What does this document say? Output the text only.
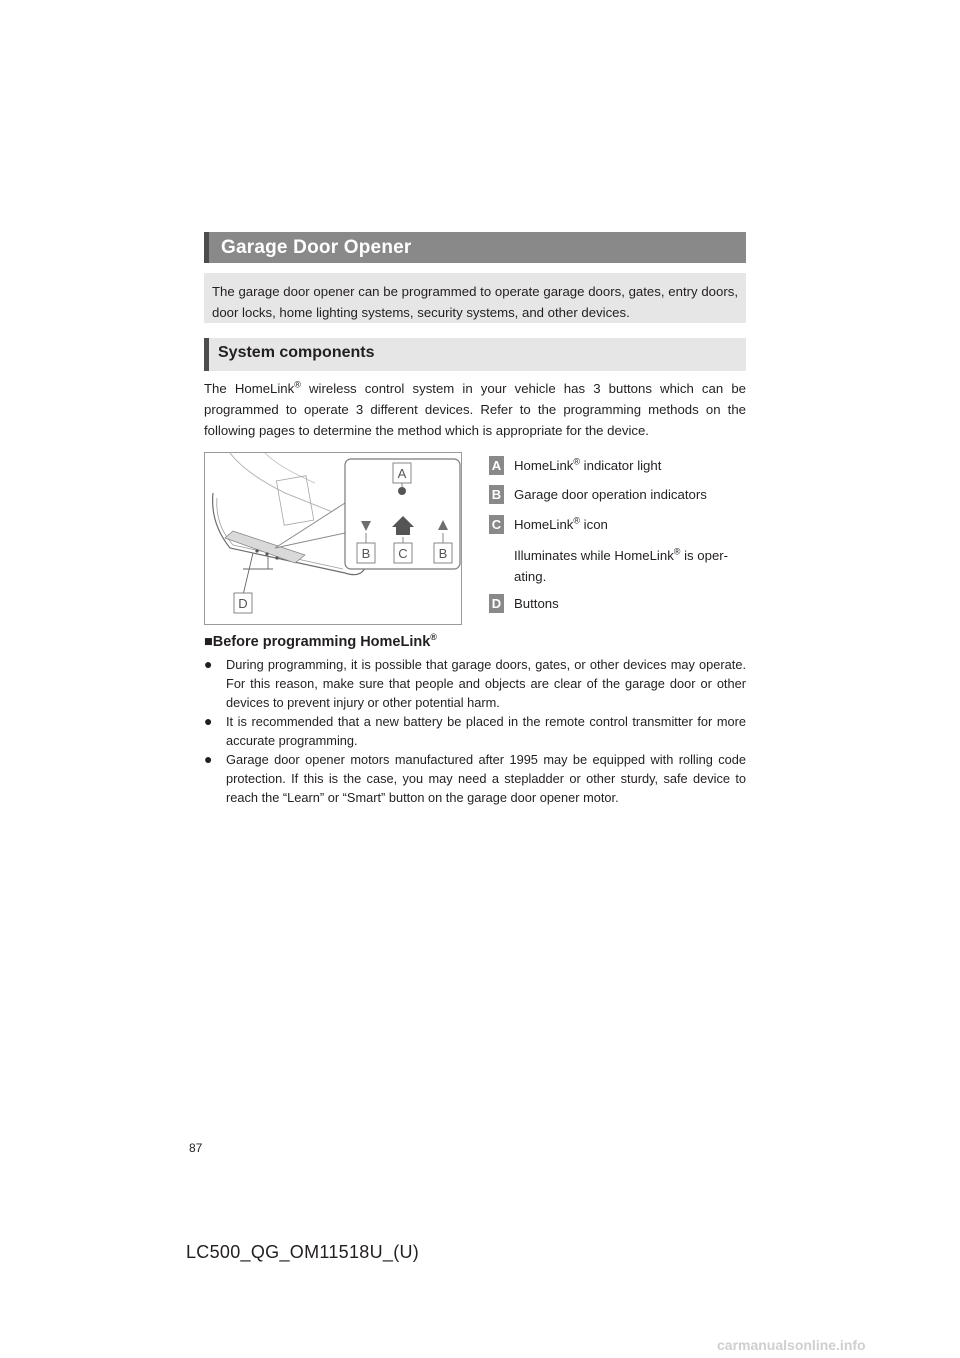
Garage Door Opener
The garage door opener can be programmed to operate garage doors, gates, entry doors, door locks, home lighting systems, security systems, and other devices.
System components
The HomeLink® wireless control system in your vehicle has 3 buttons which can be programmed to operate 3 different devices. Refer to the programming methods on the following pages to determine the method which is appropriate for the device.
A
B C B
D
A HomeLink® indicator light
B Garage door operation indicators
C HomeLink® icon
Illuminates while HomeLink® is oper-
ating.
D Buttons
■Before programming HomeLink®
● During programming, it is possible that garage doors, gates, or other devices may operate. For this reason, make sure that people and objects are clear of the garage door or other devices to prevent injury or other potential harm.
● It is recommended that a new battery be placed in the remote control transmitter for more accurate programming.
● Garage door opener motors manufactured after 1995 may be equipped with rolling code protection. If this is the case, you may need a stepladder or other sturdy, safe device to reach the “Learn” or “Smart” button on the garage door opener motor.
87
LC500_QG_OM11518U_(U)
carmanualsonline.info
